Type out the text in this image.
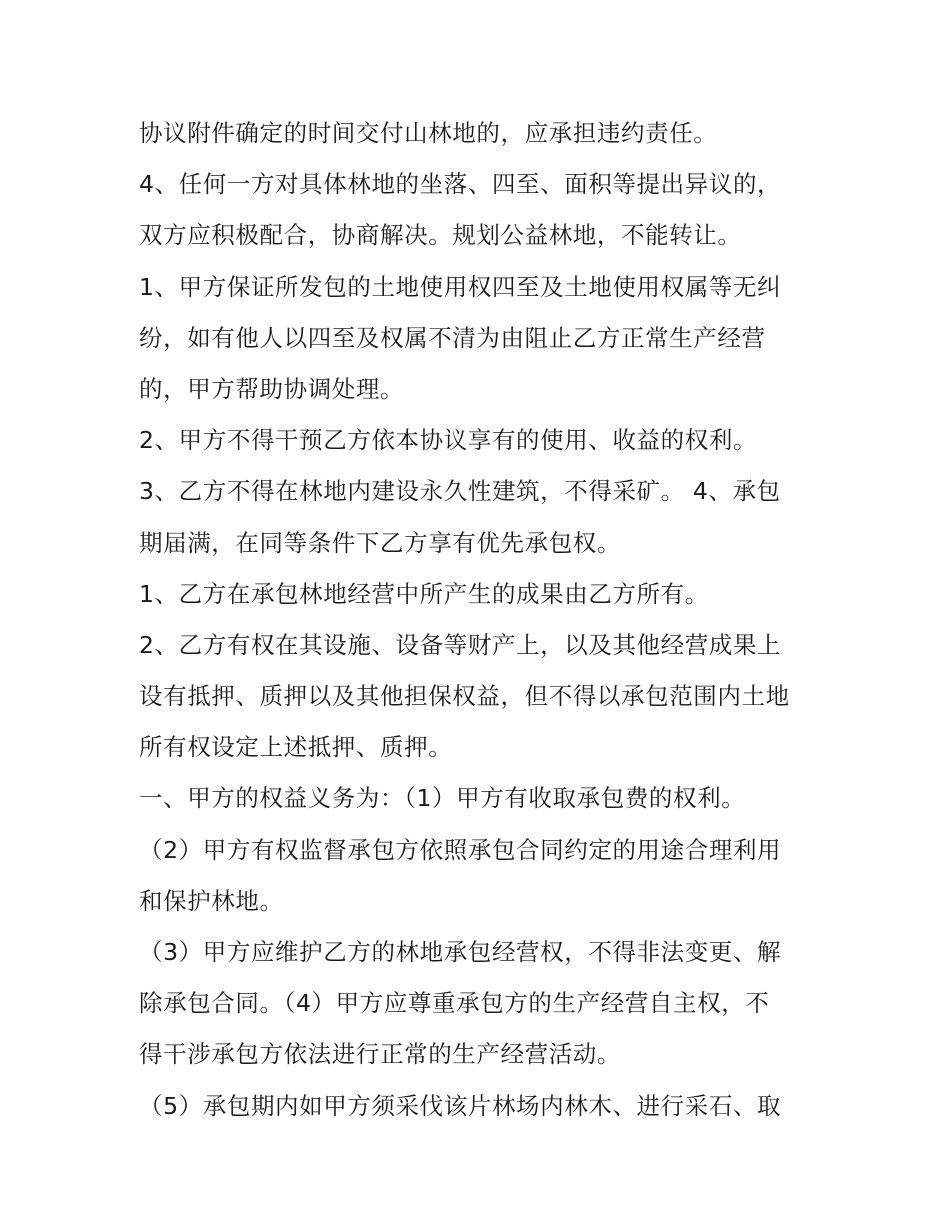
协议附件确定的时间交付山林地的，应承担违约责任。
4、任何一方对具体林地的坐落、四至、面积等提出异议的，
双方应积极配合，协商解决。规划公益林地，不能转让。
1、甲方保证所发包的土地使用权四至及土地使用权属等无纠
纷，如有他人以四至及权属不清为由阻止乙方正常生产经营
的，甲方帮助协调处理。
2、甲方不得干预乙方依本协议享有的使用、收益的权利。
3、乙方不得在林地内建设永久性建筑，不得采矿。 4、承包
期届满，在同等条件下乙方享有优先承包权。
1、乙方在承包林地经营中所产生的成果由乙方所有。
2、乙方有权在其设施、设备等财产上，以及其他经营成果上
设有抵押、质押以及其他担保权益，但不得以承包范围内土地
所有权设定上述抵押、质押。
一、甲方的权益义务为：（1）甲方有收取承包费的权利。
（2）甲方有权监督承包方依照承包合同约定的用途合理利用
和保护林地。
（3）甲方应维护乙方的林地承包经营权，不得非法变更、解
除承包合同。（4）甲方应尊重承包方的生产经营自主权，不
得干涉承包方依法进行正常的生产经营活动。
（5）承包期内如甲方须采伐该片林场内林木、进行采石、取
